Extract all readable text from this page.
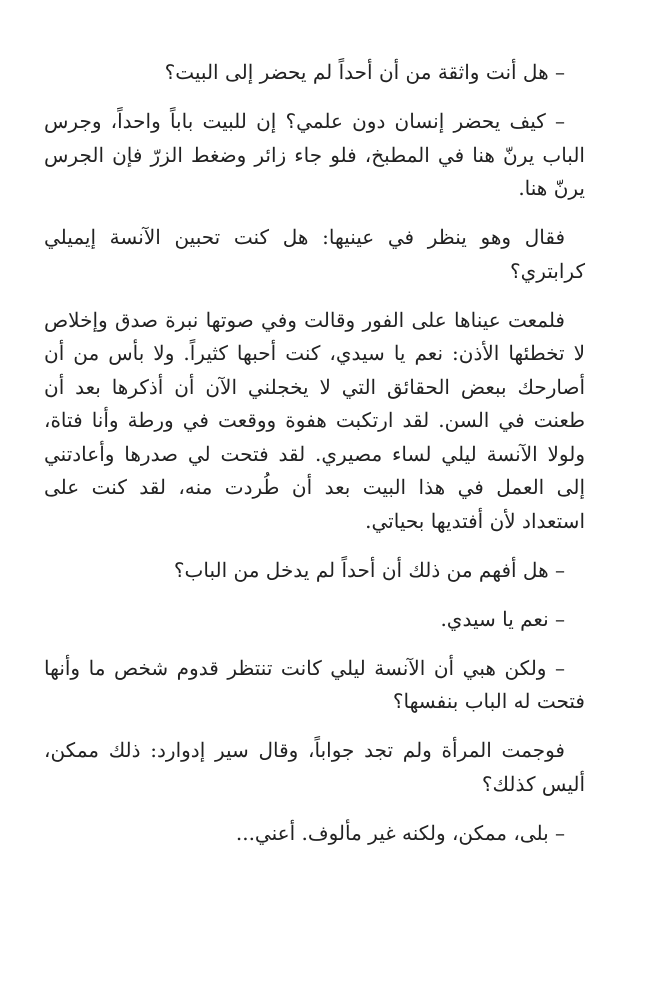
– هل أنت واثقة من أن أحداً لم يحضر إلى البيت؟

– كيف يحضر إنسان دون علمي؟ إن للبيت باباً واحداً، وجرس الباب يرنّ هنا في المطبخ، فلو جاء زائر وضغط الزرّ فإن الجرس يرنّ هنا.

فقال وهو ينظر في عينيها: هل كنت تحبين الآنسة إيميلي كرابتري؟

فلمعت عيناها على الفور وقالت وفي صوتها نبرة صدق وإخلاص لا تخطئها الأذن: نعم يا سيدي، كنت أحبها كثيراً. ولا بأس من أن أصارحك ببعض الحقائق التي لا يخجلني الآن أن أذكرها بعد أن طعنت في السن. لقد ارتكبت هفوة ووقعت في ورطة وأنا فتاة، ولولا الآنسة ليلي لساء مصيري. لقد فتحت لي صدرها وأعادتني إلى العمل في هذا البيت بعد أن طُردت منه، لقد كنت على استعداد لأن أفتديها بحياتي.

– هل أفهم من ذلك أن أحداً لم يدخل من الباب؟

– نعم يا سيدي.

– ولكن هبي أن الآنسة ليلي كانت تنتظر قدوم شخص ما وأنها فتحت له الباب بنفسها؟

فوجمت المرأة ولم تجد جواباً، وقال سير إدوارد: ذلك ممكن، أليس كذلك؟

– بلى، ممكن، ولكنه غير مألوف. أعني...
